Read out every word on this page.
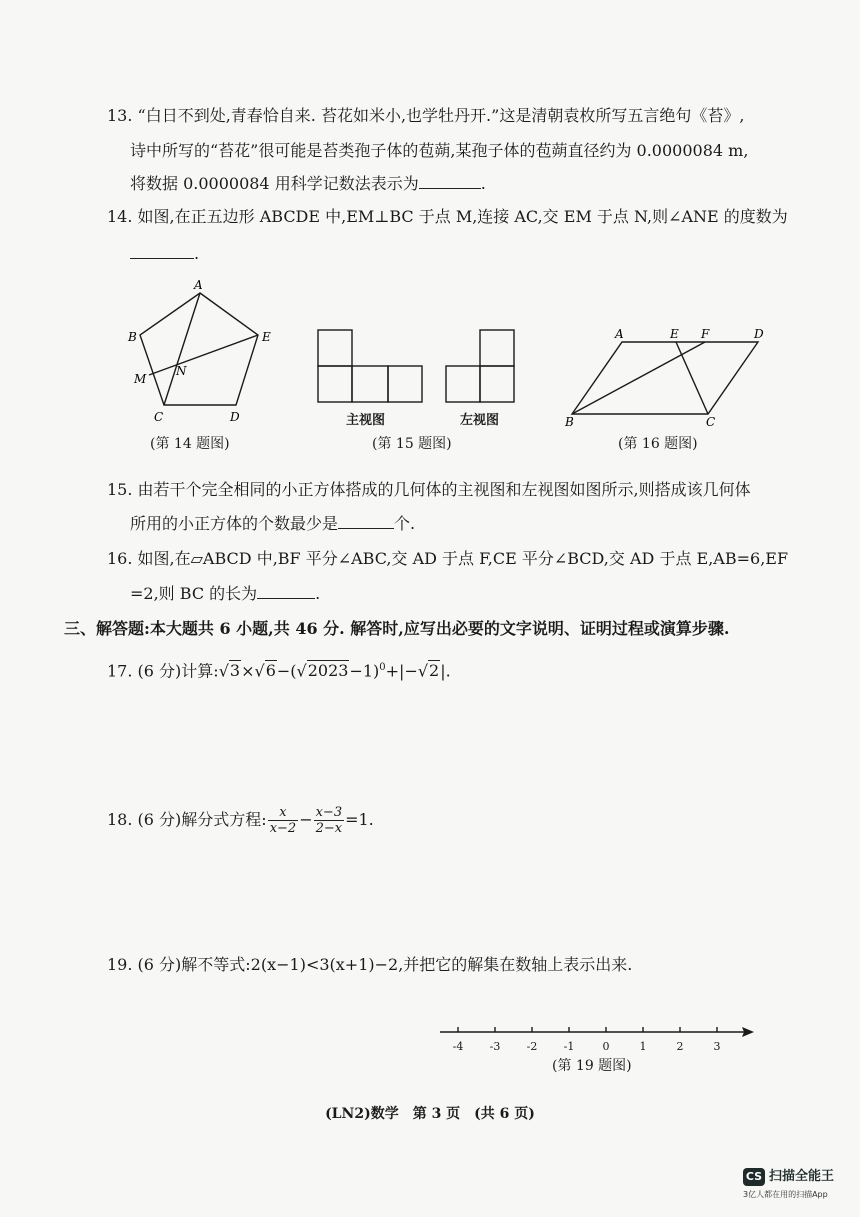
13. “白日不到处,青春恰自来. 苔花如米小,也学牡丹开.”这是清朝袁枚所写五言绝句《苔》,
诗中所写的“苔花”很可能是苔类孢子体的苞蒴,某孢子体的苞蒴直径约为 0.0000084 m,
将数据 0.0000084 用科学记数法表示为	.
14. 如图,在正五边形 ABCDE 中,EM⊥BC 于点 M,连接 AC,交 EM 于点 N,则∠ANE 的度数为
.
A
B
C	D
E
M
N
(第 14 题图)
主视图	左视图
(第 15 题图)
A	E F	D
B	C
(第 16 题图)
15. 由若干个完全相同的小正方体搭成的几何体的主视图和左视图如图所示,则搭成该几何体
所用的小正方体的个数最少是	个.
16. 如图,在▱ABCD 中,BF 平分∠ABC,交 AD 于点 F,CE 平分∠BCD,交 AD 于点 E,AB=6,EF
=2,则 BC 的长为	.
三、解答题:本大题共 6 小题,共 46 分. 解答时,应写出必要的文字说明、证明过程或演算步骤.
17. (6 分)计算$:√3\times√6-(√2023-1)^0+|-√2|$.
18. (6 分)解分式方程: $\frac{x}{x-2} - \frac{x-3}{2-x} =1$.
19. (6 分)解不等式:2(x−1)<3(x+1)−2,并把它的解集在数轴上表示出来.
-4 -3 -2 -1	0	1	2	3
(第 19 题图)
(LN2)数学　第 3 页　(共 6 页)
CS 扫描全能王
3亿人都在用的扫描App
